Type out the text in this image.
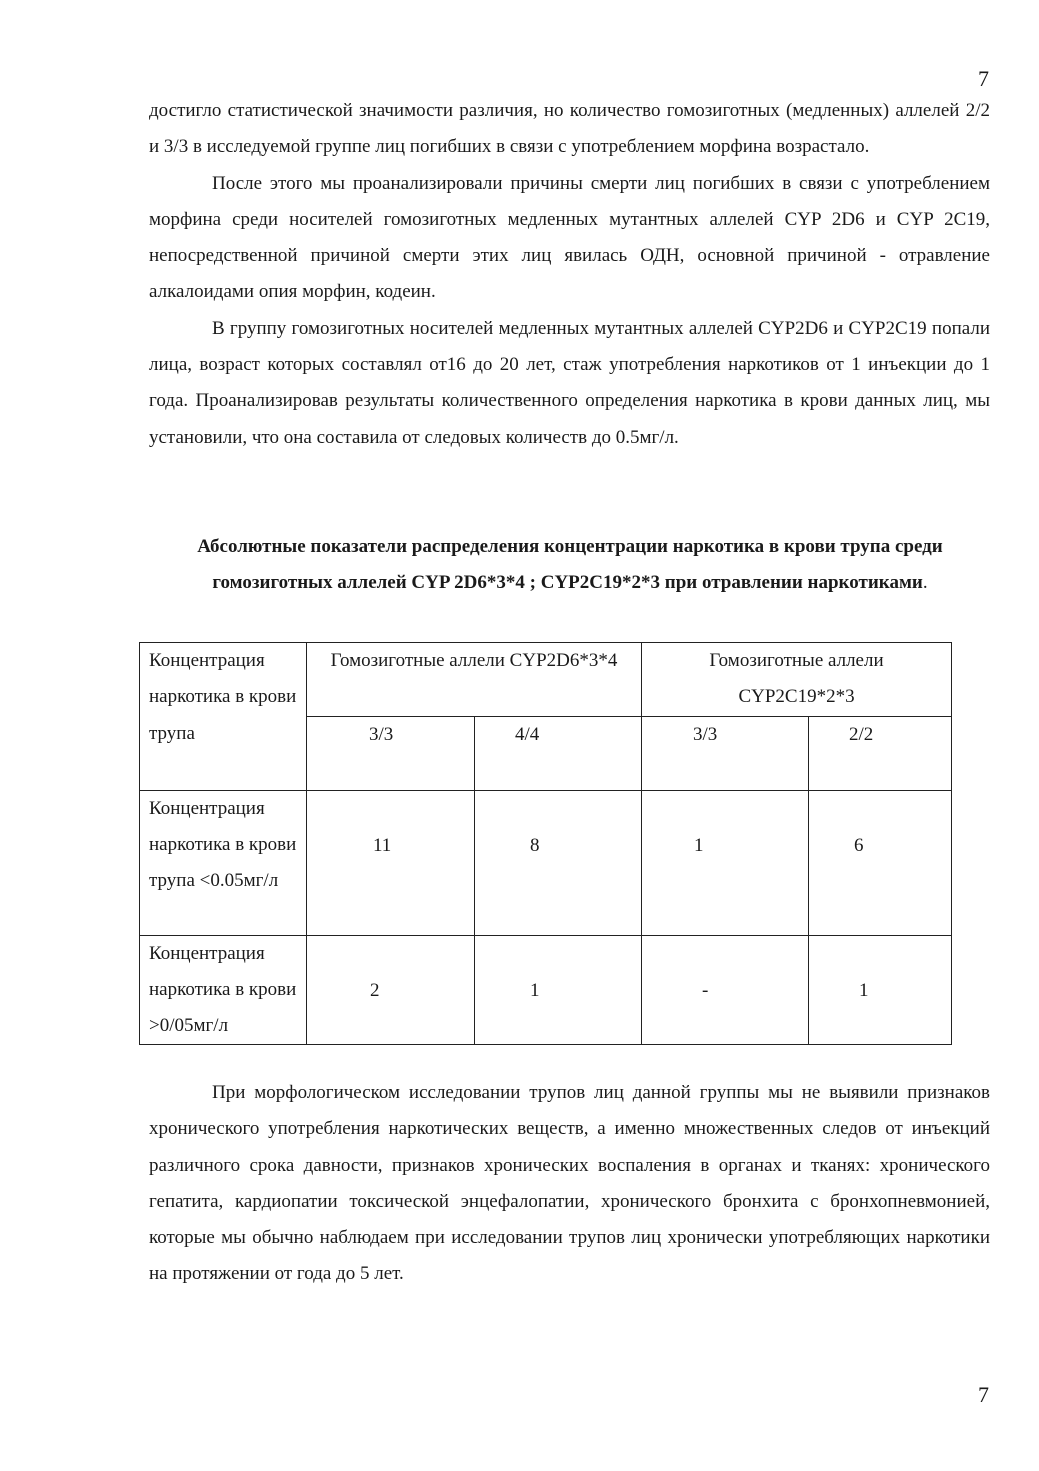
7

достигло статистической значимости различия, но количество гомозиготных (медленных) аллелей 2/2 и 3/3 в исследуемой группе лиц погибших в связи с употреблением морфина возрастало.

После этого мы проанализировали причины смерти лиц погибших в связи с употреблением морфина среди носителей гомозиготных медленных мутантных аллелей CYP 2D6 и CYP 2C19, непосредственной причиной смерти этих лиц явилась ОДН, основной причиной - отравление алкалоидами опия морфин, кодеин.

В группу гомозиготных носителей медленных мутантных аллелей CYP2D6 и CYP2C19 попали лица, возраст которых составлял от16 до 20 лет, стаж употребления наркотиков от 1 инъекции до 1 года. Проанализировав результаты количественного определения наркотика в крови данных лиц, мы установили, что она составила от следовых количеств до 0.5мг/л.

Абсолютные показатели распределения концентрации наркотика в крови трупа среди гомозиготных аллелей CYP 2D6*3*4 ; CYP2C19*2*3 при отравлении наркотиками.

Концентрация наркотика в крови трупа	Гомозиготные аллели CYP2D6*3*4		Гомозиготные аллели CYP2C19*2*3	
	3/3	4/4	3/3	2/2
Концентрация наркотика в крови трупа <0.05мг/л	11	8	1	6
Концентрация наркотика в крови >0/05мг/л	2	1	-	1

При морфологическом исследовании трупов лиц данной группы мы не выявили признаков хронического употребления наркотических веществ, а именно множественных следов от инъекций различного срока давности, признаков хронических воспаления в органах и тканях: хронического гепатита, кардиопатии токсической энцефалопатии, хронического бронхита с бронхопневмонией, которые мы обычно наблюдаем при исследовании трупов лиц хронически употребляющих наркотики на протяжении от года до 5 лет.

7
